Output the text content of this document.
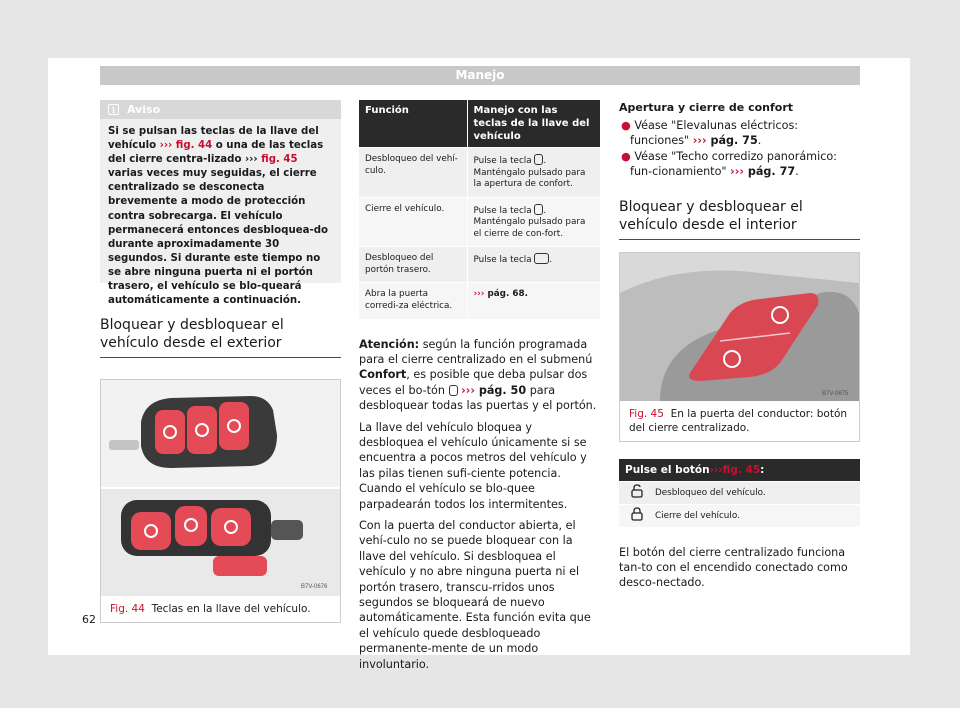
Manejo
i	Aviso
Si se pulsan las teclas de la llave del vehículo ››› fig. 44 o una de las teclas del cierre centra-lizado ››› fig. 45 varias veces muy seguidas, el cierre centralizado se desconecta brevemente a modo de protección contra sobrecarga. El vehículo permanecerá entonces desbloquea-do durante aproximadamente 30 segundos. Si durante este tiempo no se abre ninguna puerta ni el portón trasero, el vehículo se blo-queará automáticamente a continuación.
Bloquear y desbloquear el vehículo desde el exterior
B7V-0676
Fig. 44 Teclas en la llave del vehículo.
Función	Manejo con las teclas de la llave del vehículo
Desbloqueo del vehí-culo.	Pulse la tecla . Manténgalo pulsado para la apertura de confort.
Cierre el vehículo.	Pulse la tecla . Manténgalo pulsado para el cierre de con-fort.
Desbloqueo del portón trasero.	Pulse la tecla .
Abra la puerta corredi-za eléctrica.	››› pág. 68.
Atención: según la función programada para el cierre centralizado en el submenú Confort, es posible que deba pulsar dos veces el bo-tón  ››› pág. 50 para desbloquear todas las puertas y el portón.
La llave del vehículo bloquea y desbloquea el vehículo únicamente si se encuentra a pocos metros del vehículo y las pilas tienen sufi-ciente potencia. Cuando el vehículo se blo-quee parpadearán todos los intermitentes.
Con la puerta del conductor abierta, el vehí-culo no se puede bloquear con la llave del vehículo. Si desbloquea el vehículo y no abre ninguna puerta ni el portón trasero, transcu-rridos unos segundos se bloqueará de nuevo automáticamente. Esta función evita que el vehículo quede desbloqueado permanente-mente de un modo involuntario.
Apertura y cierre de confort
● Véase "Elevalunas eléctricos: funciones" ››› pág. 75.
● Véase "Techo corredizo panorámico: fun-cionamiento" ››› pág. 77.
Bloquear y desbloquear el vehículo desde el interior
B7V-0675
Fig. 45 En la puerta del conductor: botón del cierre centralizado.
Pulse el botón ››› fig. 45 :
Desbloqueo del vehículo.
Cierre del vehículo.
El botón del cierre centralizado funciona tan-to con el encendido conectado como desco-nectado.
62
